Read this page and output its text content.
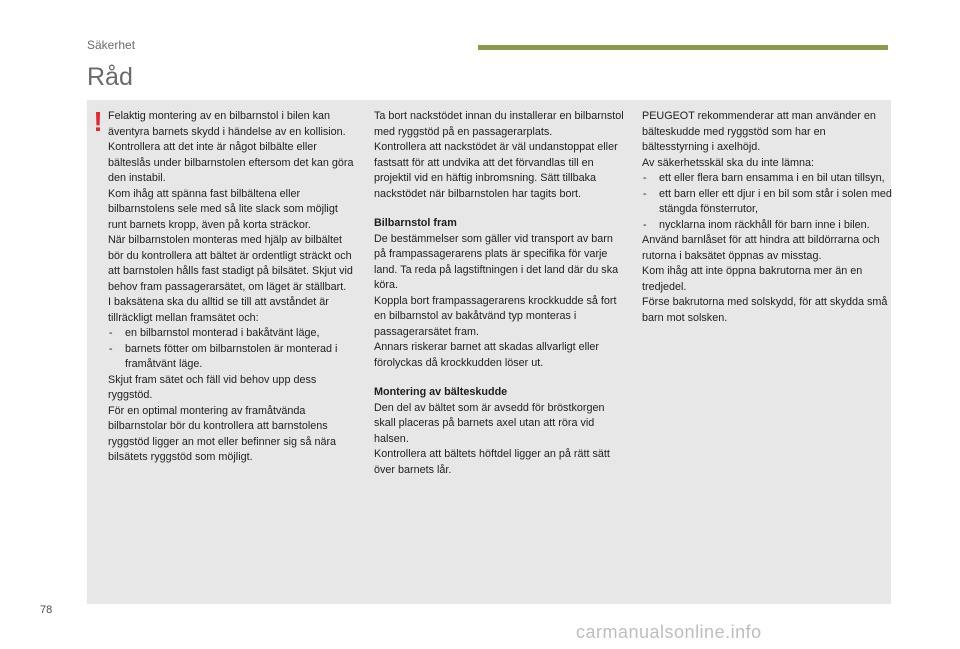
Säkerhet
Råd
! Felaktig montering av en bilbarnstol i bilen kan äventyra barnets skydd i händelse av en kollision.

Kontrollera att det inte är något bilbälte eller bälteslås under bilbarnstolen eftersom det kan göra den instabil.

Kom ihåg att spänna fast bilbältena eller bilbarnstolens sele med så lite slack som möjligt runt barnets kropp, även på korta sträckor.

När bilbarnstolen monteras med hjälp av bilbältet bör du kontrollera att bältet är ordentligt sträckt och att barnstolen hålls fast stadigt på bilsätet. Skjut vid behov fram passagerarsätet, om läget är ställbart.

I baksätena ska du alltid se till att avståndet är tillräckligt mellan framsätet och:

- en bilbarnstol monterad i bakåtvänt läge,
- barnets fötter om bilbarnstolen är monterad i framåtvänt läge.

Skjut fram sätet och fäll vid behov upp dess ryggstöd.

För en optimal montering av framåtvända bilbarnstolar bör du kontrollera att barnstolens ryggstöd ligger an mot eller befinner sig så nära bilsätets ryggstöd som möjligt.

Ta bort nackstödet innan du installerar en bilbarnstol med ryggstöd på en passagerarplats.

Kontrollera att nackstödet är väl undanstoppat eller fastsatt för att undvika att det förvandlas till en projektil vid en häftig inbromsning. Sätt tillbaka nackstödet när bilbarnstolen har tagits bort.

Bilbarnstol fram

De bestämmelser som gäller vid transport av barn på frampassagerarens plats är specifika för varje land. Ta reda på lagstiftningen i det land där du ska köra.

Koppla bort frampassagerarens krockkudde så fort en bilbarnstol av bakåtvänd typ monteras i passagerarsätet fram.

Annars riskerar barnet att skadas allvarligt eller förolyckas då krockkudden löser ut.

Montering av bälteskudde

Den del av bältet som är avsedd för bröstkorgen skall placeras på barnets axel utan att röra vid halsen.

Kontrollera att bältets höftdel ligger an på rätt sätt över barnets lår.

PEUGEOT rekommenderar att man använder en bälteskudde med ryggstöd som har en bältesstyrning i axelhöjd.

Av säkerhetsskäl ska du inte lämna:

- ett eller flera barn ensamma i en bil utan tillsyn,
- ett barn eller ett djur i en bil som står i solen med stängda fönsterrutor,
- nycklarna inom räckhåll för barn inne i bilen.

Använd barnlåset för att hindra att bildörrarna och rutorna i baksätet öppnas av misstag.

Kom ihåg att inte öppna bakrutorna mer än en tredjedel.

Förse bakrutorna med solskydd, för att skydda små barn mot solsken.

78
carmanualsonline.info
